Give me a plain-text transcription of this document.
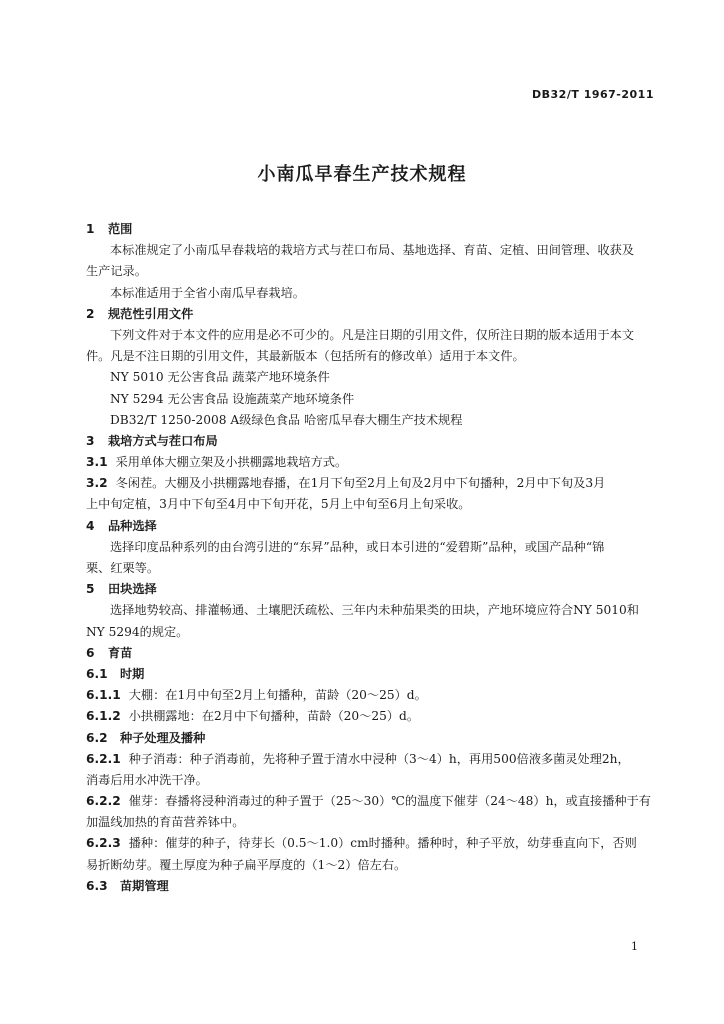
DB32/T 1967-2011
小南瓜早春生产技术规程
1 范围
本标准规定了小南瓜早春栽培的栽培方式与茬口布局、基地选择、育苗、定植、田间管理、收获及
生产记录。
本标准适用于全省小南瓜早春栽培。
2 规范性引用文件
下列文件对于本文件的应用是必不可少的。凡是注日期的引用文件，仅所注日期的版本适用于本文
件。凡是不注日期的引用文件，其最新版本（包括所有的修改单）适用于本文件。
NY 5010 无公害食品 蔬菜产地环境条件
NY 5294 无公害食品 设施蔬菜产地环境条件
DB32/T 1250-2008 A级绿色食品 哈密瓜早春大棚生产技术规程
3 栽培方式与茬口布局
3.1 采用单体大棚立架及小拱棚露地栽培方式。
3.2 冬闲茬。大棚及小拱棚露地春播，在1月下旬至2月上旬及2月中下旬播种，2月中下旬及3月
上中旬定植，3月中下旬至4月中下旬开花，5月上中旬至6月上旬采收。
4 品种选择
选择印度品种系列的由台湾引进的“东昇”品种，或日本引进的“爱碧斯”品种，或国产品种“锦
栗、红栗等。
5 田块选择
选择地势较高、排灌畅通、土壤肥沃疏松、三年内未种茄果类的田块，产地环境应符合NY 5010和
NY 5294的规定。
6 育苗
6.1 时期
6.1.1 大棚：在1月中旬至2月上旬播种，苗龄（20～25）d。
6.1.2 小拱棚露地：在2月中下旬播种，苗龄（20～25）d。
6.2 种子处理及播种
6.2.1 种子消毒：种子消毒前，先将种子置于清水中浸种（3～4）h，再用500倍液多菌灵处理2h，
消毒后用水冲洗干净。
6.2.2 催芽：春播将浸种消毒过的种子置于（25～30）℃的温度下催芽（24～48）h，或直接播种于有
加温线加热的育苗营养钵中。
6.2.3 播种：催芽的种子，待芽长（0.5～1.0）cm时播种。播种时，种子平放，幼芽垂直向下，否则
易折断幼芽。覆土厚度为种子扁平厚度的（1～2）倍左右。
6.3 苗期管理
1
